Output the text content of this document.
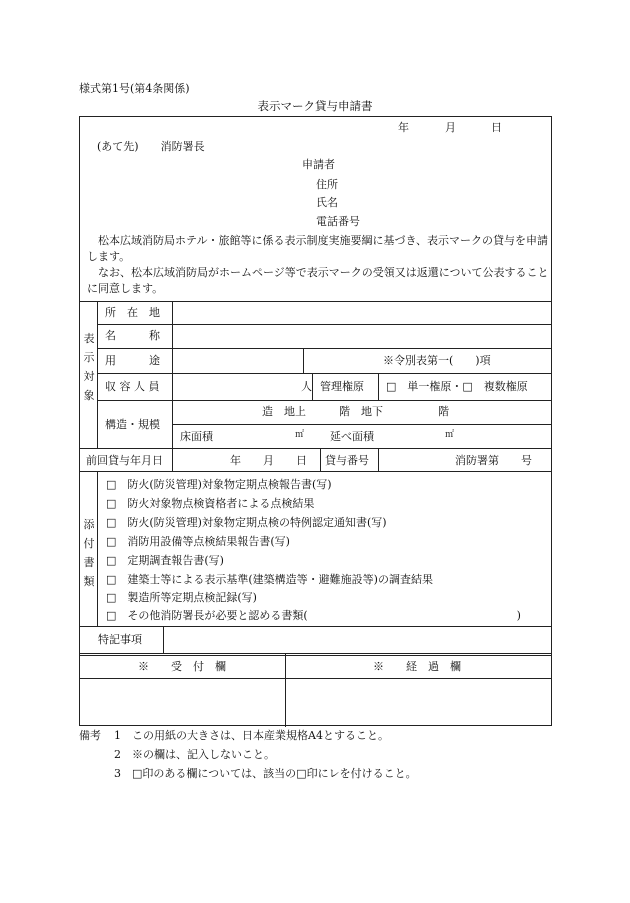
様式第1号(第4条関係)
表示マーク貸与申請書
年	月	日
(あて先)　　消防署長
申請者
住所
氏名
電話番号
松本広域消防局ホテル・旅館等に係る表示制度実施要綱に基づき、表示マークの貸与を申請します。
なお、松本広域消防局がホームページ等で表示マークの受領又は返還について公表することに同意します。
表示対象
所　在　地
名　　　称
用　　　途	※令別表第一(　　)項
収 容 人 員	人 管理権原 □　単一権原・□　複数権原
構造・規模
造　地上　　　階　地下　　　　　階
床面積	㎡ 延べ面積	㎡
前回貸与年月日	年　　月　　日 貸与番号	消防署第　　号
添付書類
□　防火(防災管理)対象物定期点検報告書(写)
□　防火対象物点検資格者による点検結果
□　防火(防災管理)対象物定期点検の特例認定通知書(写)
□　消防用設備等点検結果報告書(写)
□　定期調査報告書(写)
□　建築士等による表示基準(建築構造等・避難施設等)の調査結果
□　製造所等定期点検記録(写)
□　その他消防署長が必要と認める書類(　　　　　　　　　　　　　　　　　　　)
特記事項
※　　受　付　欄	※　　経　過　欄
備考 1　この用紙の大きさは、日本産業規格A4とすること。
2　※の欄は、記入しないこと。
3　□印のある欄については、該当の□印にレを付けること。
